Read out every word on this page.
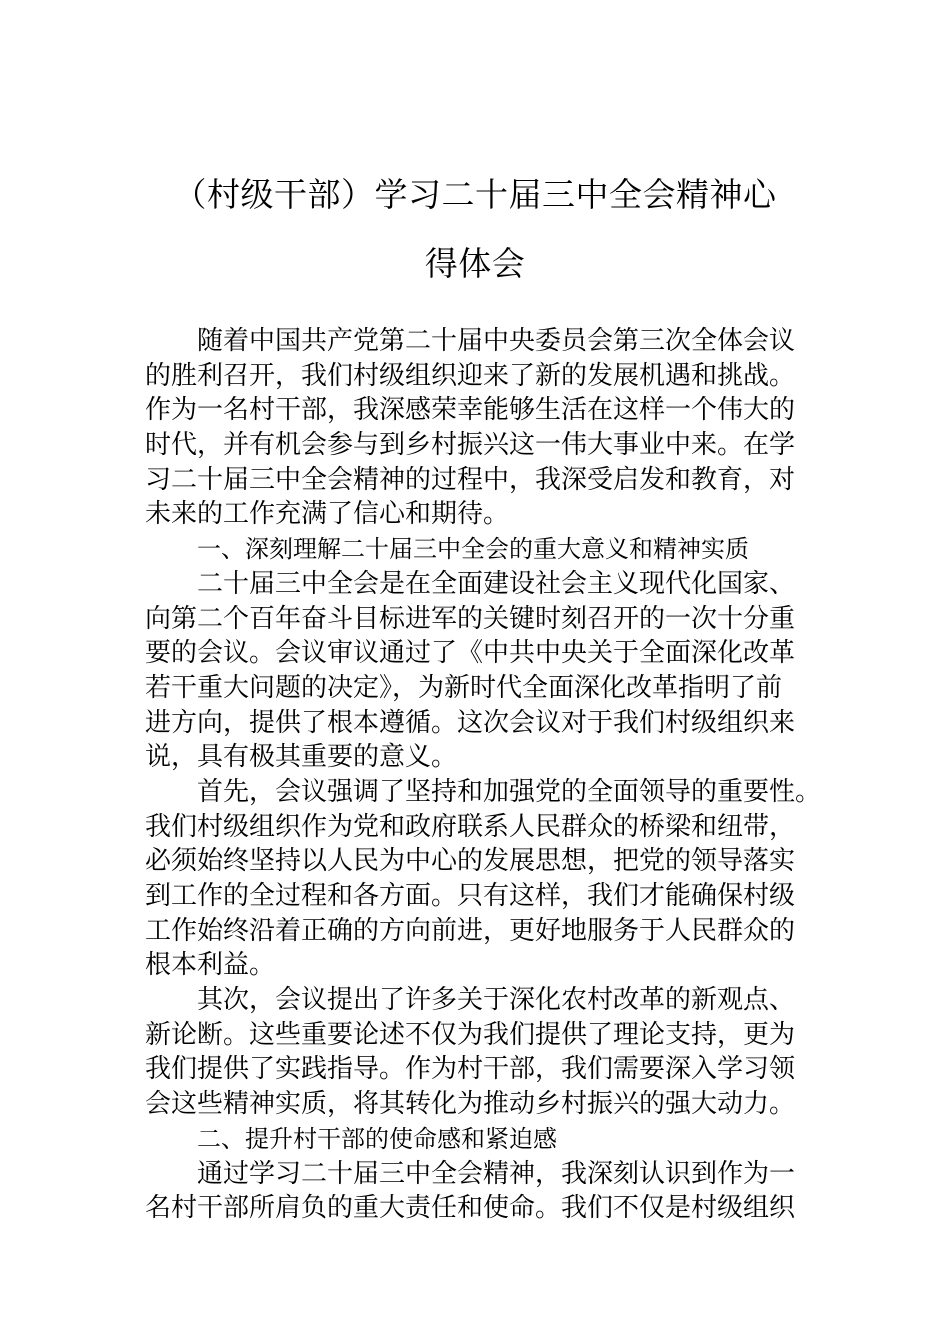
（村级干部）学习二十届三中全会精神心
得体会
随着中国共产党第二十届中央委员会第三次全体会议
的胜利召开，我们村级组织迎来了新的发展机遇和挑战。
作为一名村干部，我深感荣幸能够生活在这样一个伟大的
时代，并有机会参与到乡村振兴这一伟大事业中来。在学
习二十届三中全会精神的过程中，我深受启发和教育，对
未来的工作充满了信心和期待。
一、深刻理解二十届三中全会的重大意义和精神实质
二十届三中全会是在全面建设社会主义现代化国家、
向第二个百年奋斗目标进军的关键时刻召开的一次十分重
要的会议。会议审议通过了《中共中央关于全面深化改革
若干重大问题的决定》，为新时代全面深化改革指明了前
进方向，提供了根本遵循。这次会议对于我们村级组织来
说，具有极其重要的意义。
首先，会议强调了坚持和加强党的全面领导的重要性。
我们村级组织作为党和政府联系人民群众的桥梁和纽带，
必须始终坚持以人民为中心的发展思想，把党的领导落实
到工作的全过程和各方面。只有这样，我们才能确保村级
工作始终沿着正确的方向前进，更好地服务于人民群众的
根本利益。
其次，会议提出了许多关于深化农村改革的新观点、
新论断。这些重要论述不仅为我们提供了理论支持，更为
我们提供了实践指导。作为村干部，我们需要深入学习领
会这些精神实质，将其转化为推动乡村振兴的强大动力。
二、提升村干部的使命感和紧迫感
通过学习二十届三中全会精神，我深刻认识到作为一
名村干部所肩负的重大责任和使命。我们不仅是村级组织
